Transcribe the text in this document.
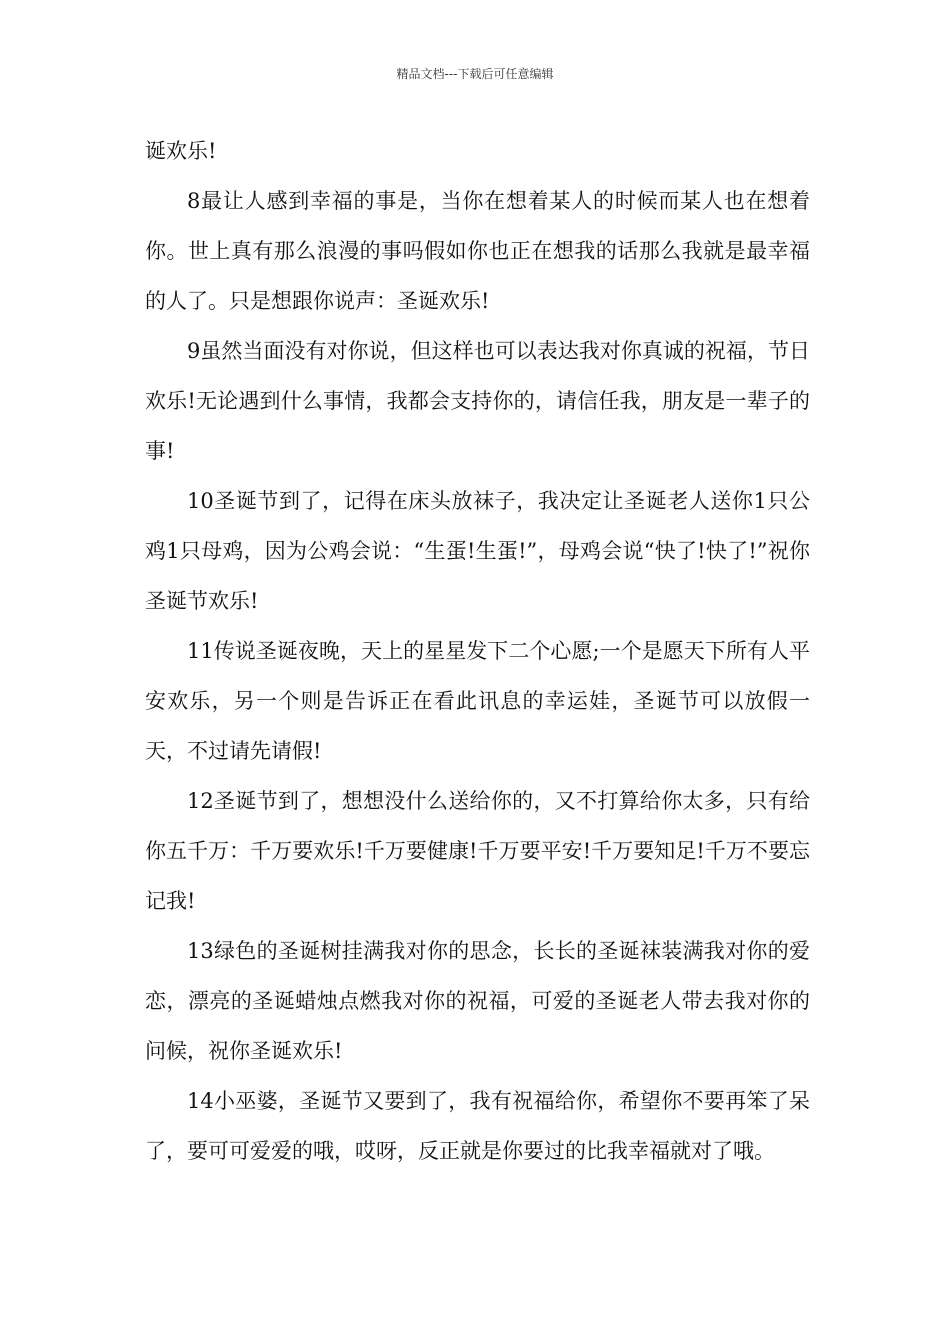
精品文档---下载后可任意编辑

诞欢乐!

8最让人感到幸福的事是，当你在想着某人的时候而某人也在想着你。世上真有那么浪漫的事吗假如你也正在想我的话那么我就是最幸福的人了。只是想跟你说声：圣诞欢乐!

9虽然当面没有对你说，但这样也可以表达我对你真诚的祝福，节日欢乐!无论遇到什么事情，我都会支持你的，请信任我，朋友是一辈子的事!

10圣诞节到了，记得在床头放袜子，我决定让圣诞老人送你1只公鸡1只母鸡，因为公鸡会说：“生蛋!生蛋!”，母鸡会说“快了!快了!”祝你圣诞节欢乐!

11传说圣诞夜晚，天上的星星发下二个心愿;一个是愿天下所有人平安欢乐，另一个则是告诉正在看此讯息的幸运娃，圣诞节可以放假一天，不过请先请假!

12圣诞节到了，想想没什么送给你的，又不打算给你太多，只有给你五千万：千万要欢乐!千万要健康!千万要平安!千万要知足!千万不要忘记我!

13绿色的圣诞树挂满我对你的思念，长长的圣诞袜装满我对你的爱恋，漂亮的圣诞蜡烛点燃我对你的祝福，可爱的圣诞老人带去我对你的问候，祝你圣诞欢乐!

14小巫婆，圣诞节又要到了，我有祝福给你，希望你不要再笨了呆了，要可可爱爱的哦，哎呀，反正就是你要过的比我幸福就对了哦。
